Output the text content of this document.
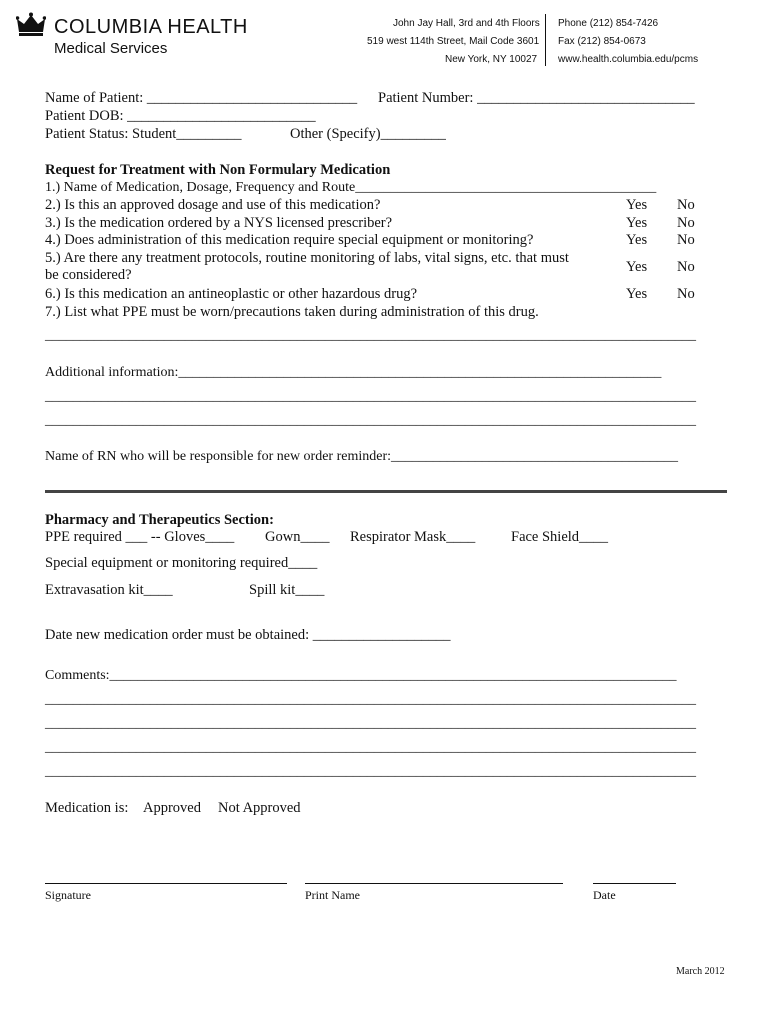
COLUMBIA HEALTH
Medical Services
John Jay Hall, 3rd and 4th Floors
519 west 114th Street, Mail Code 3601
New York, NY 10027
Phone (212) 854-7426
Fax (212) 854-0673
www.health.columbia.edu/pcms
Name of Patient: _____________________________ Patient Number: ______________________________
Patient DOB: __________________________
Patient Status: Student_________	Other (Specify)_________
Request for Treatment with Non Formulary Medication
1.) Name of Medication, Dosage, Frequency and Route___________________________________________
2.) Is this an approved dosage and use of this medication?	Yes No
3.) Is the medication ordered by a NYS licensed prescriber?	Yes No
4.) Does administration of this medication require special equipment or monitoring?	Yes No
5.) Are there any treatment protocols, routine monitoring of labs, vital signs, etc. that must
be considered?	Yes No
6.) Is this medication an antineoplastic or other hazardous drug?	Yes No
7.) List what PPE must be worn/precautions taken during administration of this drug.
_____________________________________________________________________________________________
Additional information:_____________________________________________________________________
_____________________________________________________________________________________________
_____________________________________________________________________________________________
Name of RN who will be responsible for new order reminder:_________________________________________
Pharmacy and Therapeutics Section:
PPE required ___ -- Gloves____ Gown____ Respirator Mask____ Face Shield____
Special equipment or monitoring required____
Extravasation kit____	Spill kit____
Date new medication order must be obtained: ___________________
Comments:_________________________________________________________________________________
_____________________________________________________________________________________________
_____________________________________________________________________________________________
_____________________________________________________________________________________________
_____________________________________________________________________________________________
Medication is: Approved Not Approved
Signature	Print Name	Date
March 2012
